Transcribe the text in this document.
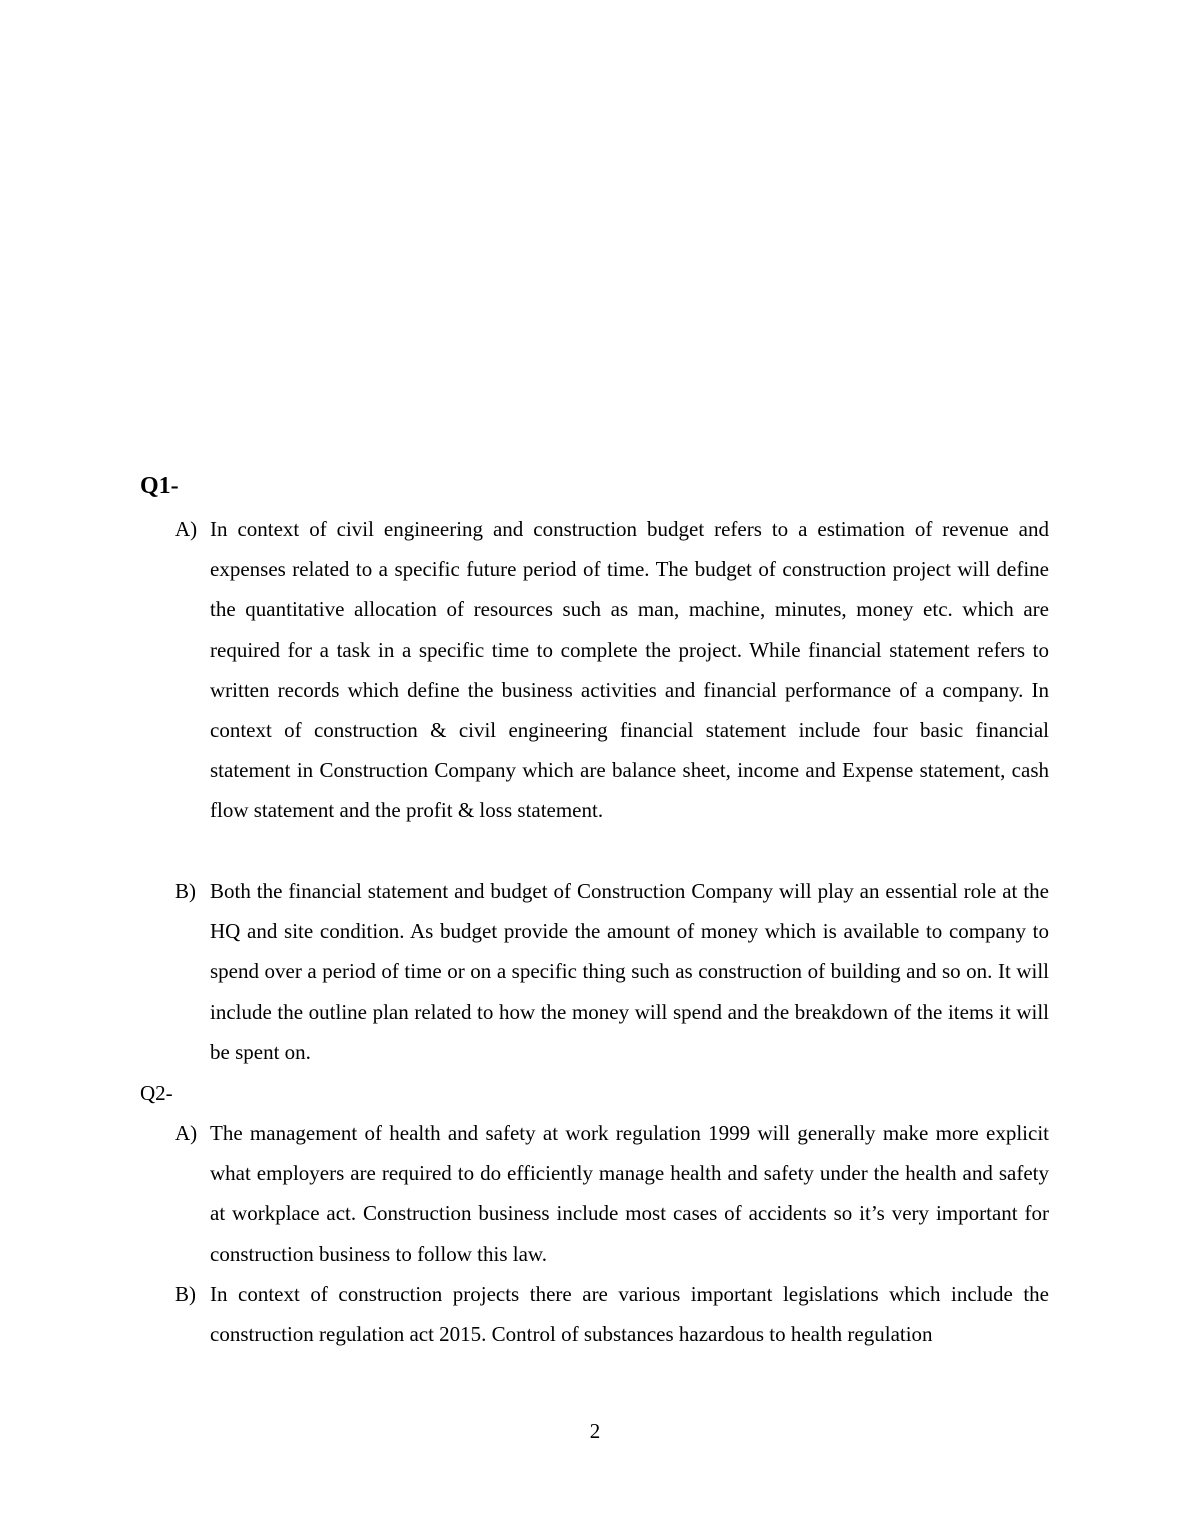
Q1-
A) In context of civil engineering and construction budget refers to a estimation of revenue and expenses related to a specific future period of time. The budget of construction project will define the quantitative allocation of resources such as man, machine, minutes, money etc. which are required for a task in a specific time to complete the project. While financial statement refers to written records which define the business activities and financial performance of a company. In context of construction & civil engineering financial statement include four basic financial statement in Construction Company which are balance sheet, income and Expense statement, cash flow statement and the profit & loss statement.
B) Both the financial statement and budget of Construction Company will play an essential role at the HQ and site condition. As budget provide the amount of money which is available to company to spend over a period of time or on a specific thing such as construction of building and so on. It will include the outline plan related to how the money will spend and the breakdown of the items it will be spent on.
Q2-
A) The management of health and safety at work regulation 1999 will generally make more explicit what employers are required to do efficiently manage health and safety under the health and safety at workplace act. Construction business include most cases of accidents so it’s very important for construction business to follow this law.
B) In context of construction projects there are various important legislations which include the construction regulation act 2015. Control of substances hazardous to health regulation
2
